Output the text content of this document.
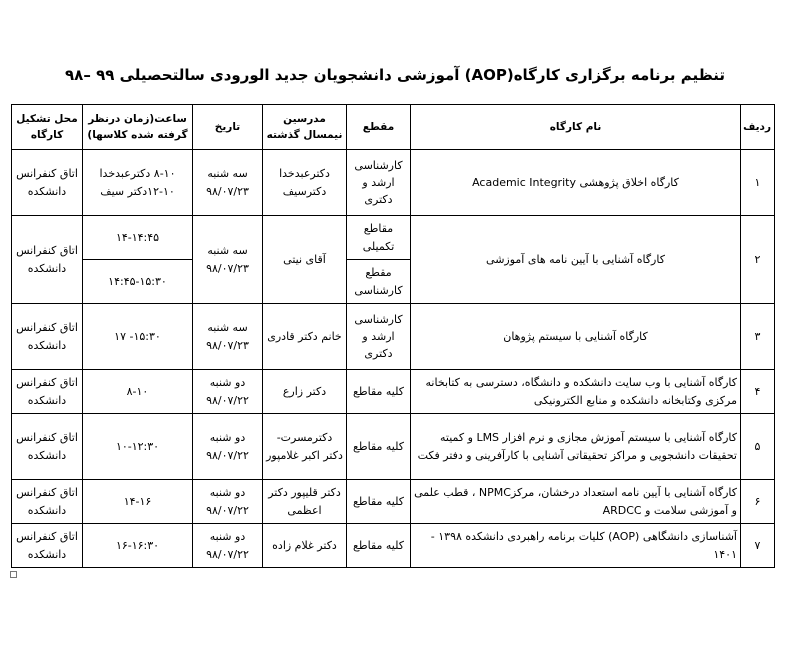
تنظیم برنامه برگزاری کارگاه(AOP) آموزشی دانشجویان جدید الورودی سالتحصیلی ۹۹ –۹۸
ردیف	نام کارگاه	مقطع	مدرسین نیمسال گذشته	تاریخ	ساعت(زمان درنظر گرفته شده کلاسها)	محل تشکیل کارگاه
۱	کارگاه اخلاق پژوهشی Academic Integrity	کارشناسی ارشد و دکتری	دکترعبدخدا دکترسیف	سه شنبه ۹۸/۰۷/۲۳	۸-۱۰ دکترعبدخدا ۱۰-۱۲دکتر سیف	اتاق کنفرانس دانشکده
۲	کارگاه آشنایی با آیین نامه های آموزشی	مقاطع تکمیلی	آقای نیتی	سه شنبه ۹۸/۰۷/۲۳	۱۴-۱۴:۴۵	اتاق کنفرانس دانشکده
		مقطع کارشناسی			۱۴:۴۵-۱۵:۳۰	
۳	کارگاه آشنایی با سیستم پژوهان	کارشناسی ارشد و دکتری	خانم دکتر قادری	سه شنبه ۹۸/۰۷/۲۳	۱۵:۳۰- ۱۷	اتاق کنفرانس دانشکده
۴	کارگاه آشنایی با وب سایت دانشکده و دانشگاه، دسترسی به کتابخانه مرکزی وکتابخانه دانشکده و منابع الکترونیکی	کلیه مقاطع	دکتر زارع	دو شنبه ۹۸/۰۷/۲۲	۸-۱۰	اتاق کنفرانس دانشکده
۵	کارگاه آشنایی با سیستم آموزش مجازی و نرم افزار LMS و کمیته تحقیقات دانشجویی و مراکز تحقیقاتی آشنایی با کارآفرینی و دفتر فکت	کلیه مقاطع	دکترمسرت- دکتر اکبر غلامپور	دو شنبه ۹۸/۰۷/۲۲	۱۰-۱۲:۳۰	اتاق کنفرانس دانشکده
۶	کارگاه آشنایی با آیین نامه استعداد درخشان، مرکزNPMC ، قطب علمی و آموزشی سلامت و ARDCC	کلیه مقاطع	دکتر قلیپور دکتر اعظمی	دو شنبه ۹۸/۰۷/۲۲	۱۴-۱۶	اتاق کنفرانس دانشکده
۷	آشناسازی دانشگاهی (AOP) کلیات برنامه راهبردی دانشکده ۱۳۹۸ - ۱۴۰۱	کلیه مقاطع	دکتر غلام زاده	دو شنبه ۹۸/۰۷/۲۲	۱۶-۱۶:۳۰	اتاق کنفرانس دانشکده
